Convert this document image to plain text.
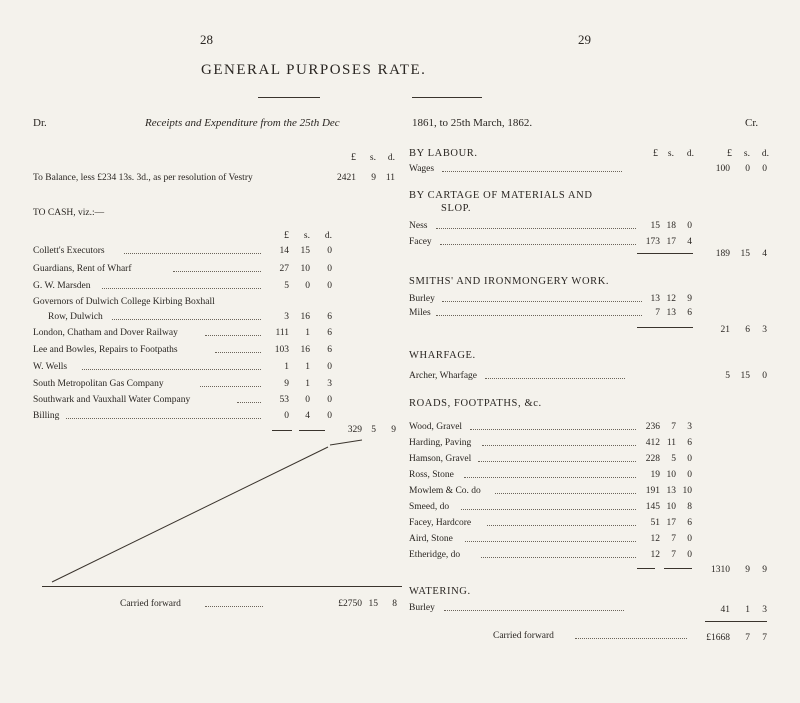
28	29
GENERAL PURPOSES RATE.
Dr.	Receipts and Expenditure from the 25th Dec	1861, to 25th March, 1862.	Cr.
£	s.	d.
To Balance, less £234 13s. 3d., as per resolution of Vestry	2421	9	11
TO CASH, viz.:—
£	s.	d.
Collett's Executors	14	15	0
Guardians, Rent of Wharf	27	10	0
G. W. Marsden	5	0	0
Governors of Dulwich College Kirbing Boxhall
Row, Dulwich	3	16	6
London, Chatham and Dover Railway	111	1	6
Lee and Bowles, Repairs to Footpaths	103	16	6
W. Wells	1	1	0
South Metropolitan Gas Company	9	1	3
Southwark and Vauxhall Water Company	53	0	0
Billing	0	4	0
329 5	9
Carried forward	£2750 15	8
BY LABOUR.	£	s.	d.	£	s.	d.
Wages	100	0	0
BY CARTAGE OF MATERIALS AND
SLOP.
Ness	15 18	0
Facey	173 17	4
189	15	4
SMITHS' AND IRONMONGERY WORK.
Burley	13 12	9
Miles	7 13	6
21	6	3
WHARFAGE.
Archer, Wharfage	5	15	0
ROADS, FOOTPATHS, &c.
Wood, Gravel	236	7	3
Harding, Paving	412 11	6
Hamson, Gravel	228	5	0
Ross, Stone	19 10	0
Mowlem & Co. do	191 13 10
Smeed, do	145 10	8
Facey, Hardcore	51 17	6
Aird, Stone	12	7	0
Etheridge, do	12	7	0
1310	9	9
WATERING.
Burley	41	1	3
Carried forward	£1668	7	7
